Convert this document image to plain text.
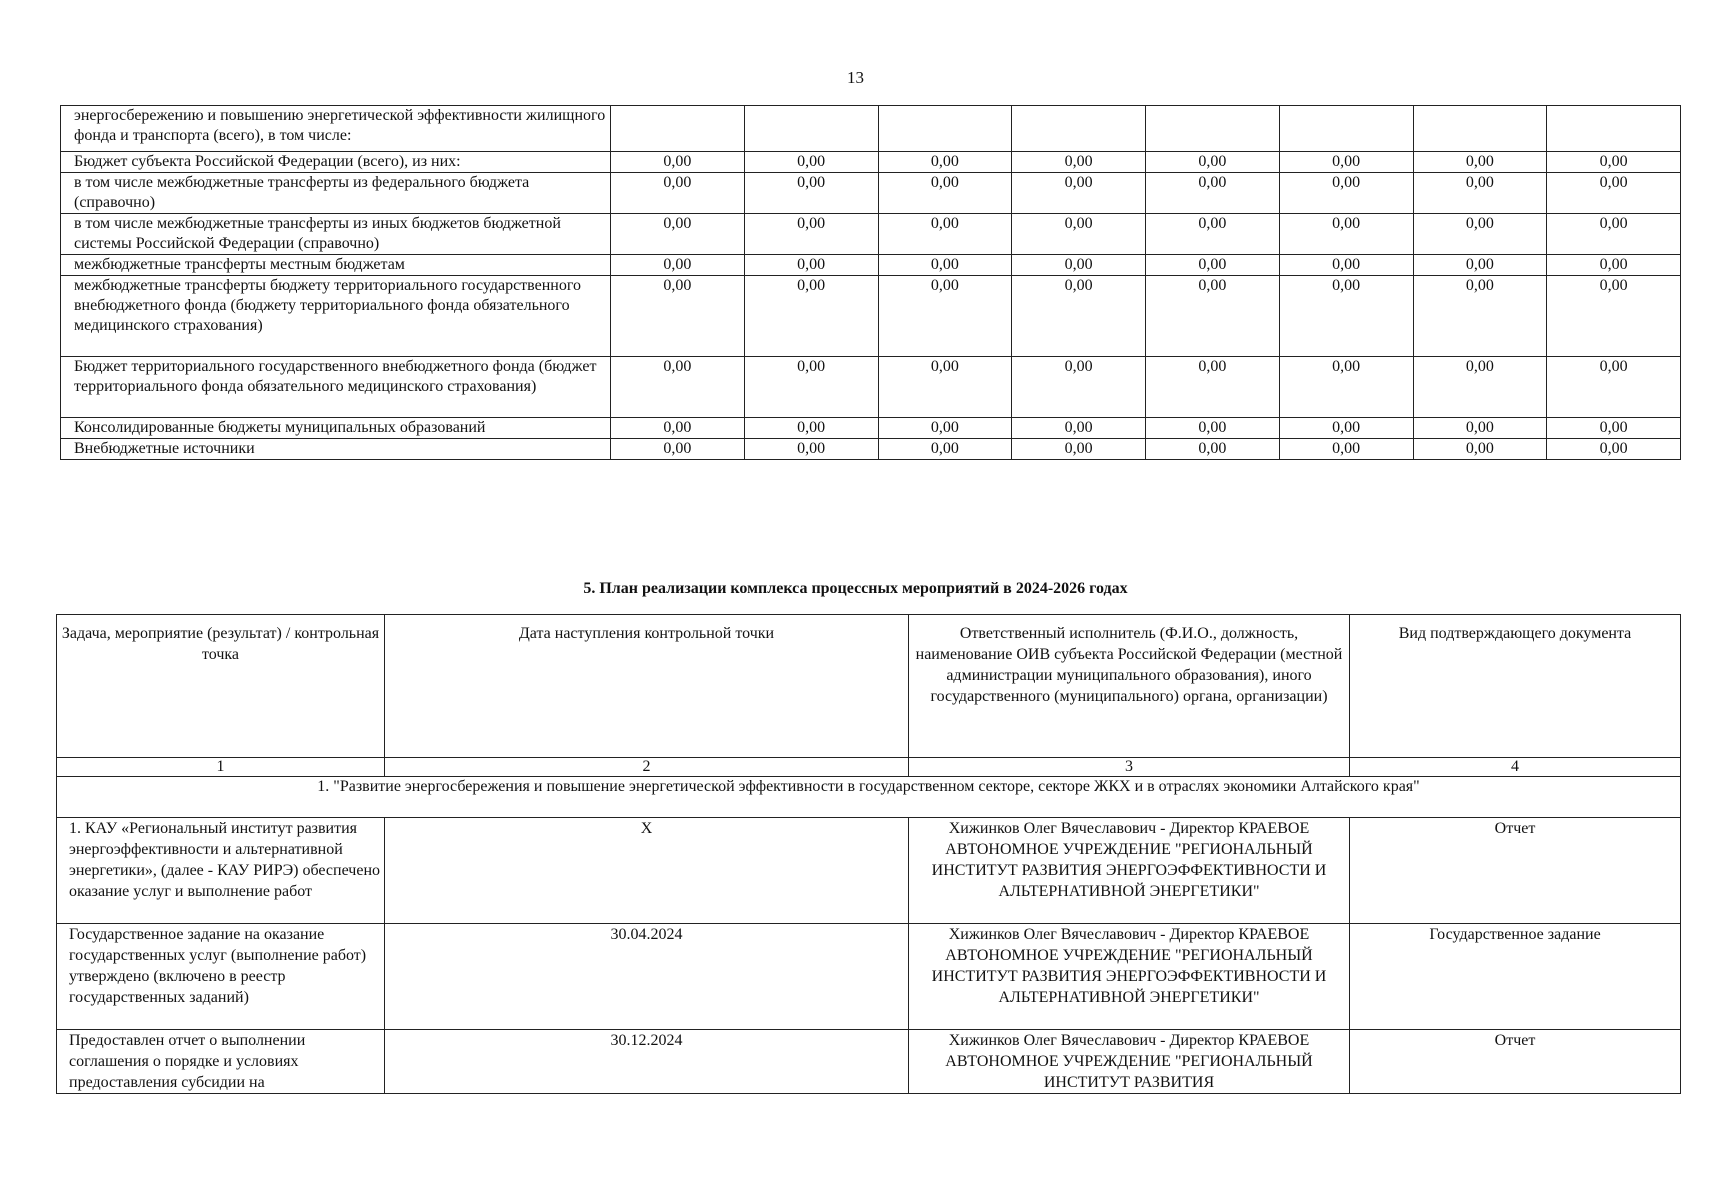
13
энергосбережению и повышению энергетической эффективности жилищного фонда и транспорта (всего), в том числе:								
Бюджет субъекта Российской Федерации (всего), из них:	0,00	0,00	0,00	0,00	0,00	0,00	0,00	0,00
в том числе межбюджетные трансферты из федерального бюджета (справочно)	0,00	0,00	0,00	0,00	0,00	0,00	0,00	0,00
в том числе межбюджетные трансферты из иных бюджетов бюджетной системы Российской Федерации (справочно)	0,00	0,00	0,00	0,00	0,00	0,00	0,00	0,00
межбюджетные трансферты местным бюджетам	0,00	0,00	0,00	0,00	0,00	0,00	0,00	0,00
межбюджетные трансферты бюджету территориального государственного внебюджетного фонда (бюджету территориального фонда обязательного медицинского страхования)	0,00	0,00	0,00	0,00	0,00	0,00	0,00	0,00
Бюджет территориального государственного внебюджетного фонда (бюджет территориального фонда обязательного медицинского страхования)	0,00	0,00	0,00	0,00	0,00	0,00	0,00	0,00
Консолидированные бюджеты муниципальных образований	0,00	0,00	0,00	0,00	0,00	0,00	0,00	0,00
Внебюджетные источники	0,00	0,00	0,00	0,00	0,00	0,00	0,00	0,00
5. План реализации комплекса процессных мероприятий в 2024-2026 годах
Задача, мероприятие (результат) / контрольная точка	Дата наступления контрольной точки	Ответственный исполнитель (Ф.И.О., должность, наименование ОИВ субъекта Российской Федерации (местной администрации муниципального образования), иного государственного (муниципального) органа, организации)	Вид подтверждающего документа
1	2	3	4
1. "Развитие энергосбережения и повышение энергетической эффективности в государственном секторе, секторе ЖКХ и в отраслях экономики Алтайского края"			
1. КАУ «Региональный институт развития энергоэффективности и альтернативной энергетики», (далее - КАУ РИРЭ) обеспечено оказание услуг и выполнение работ	X	Хижинков Олег Вячеславович - Директор КРАЕВОЕ АВТОНОМНОЕ УЧРЕЖДЕНИЕ "РЕГИОНАЛЬНЫЙ ИНСТИТУТ РАЗВИТИЯ ЭНЕРГОЭФФЕКТИВНОСТИ И АЛЬТЕРНАТИВНОЙ ЭНЕРГЕТИКИ"	Отчет
Государственное задание на оказание государственных услуг (выполнение работ) утверждено (включено в реестр государственных заданий)	30.04.2024	Хижинков Олег Вячеславович - Директор КРАЕВОЕ АВТОНОМНОЕ УЧРЕЖДЕНИЕ "РЕГИОНАЛЬНЫЙ ИНСТИТУТ РАЗВИТИЯ ЭНЕРГОЭФФЕКТИВНОСТИ И АЛЬТЕРНАТИВНОЙ ЭНЕРГЕТИКИ"	Государственное задание
Предоставлен отчет о выполнении соглашения о порядке и условиях предоставления субсидии на	30.12.2024	Хижинков Олег Вячеславович - Директор КРАЕВОЕ АВТОНОМНОЕ УЧРЕЖДЕНИЕ "РЕГИОНАЛЬНЫЙ ИНСТИТУТ РАЗВИТИЯ	Отчет
